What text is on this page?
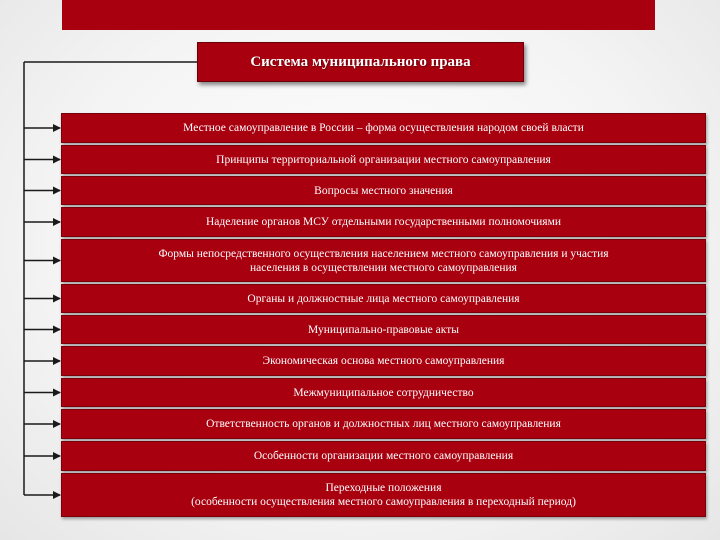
Система муниципального права
Местное самоуправление в России – форма осуществления народом своей власти
Принципы территориальной организации местного самоуправления
Вопросы местного значения
Наделение органов МСУ отдельными государственными полномочиями
Формы непосредственного осуществления населением местного самоуправления и участия
населения в осуществлении местного самоуправления
Органы и должностные лица местного самоуправления
Муниципально-правовые акты
Экономическая основа местного самоуправления
Межмуниципальное сотрудничество
Ответственность органов и должностных лиц местного самоуправления
Особенности организации местного самоуправления
Переходные положения
(особенности осуществления местного самоуправления в переходный период)
